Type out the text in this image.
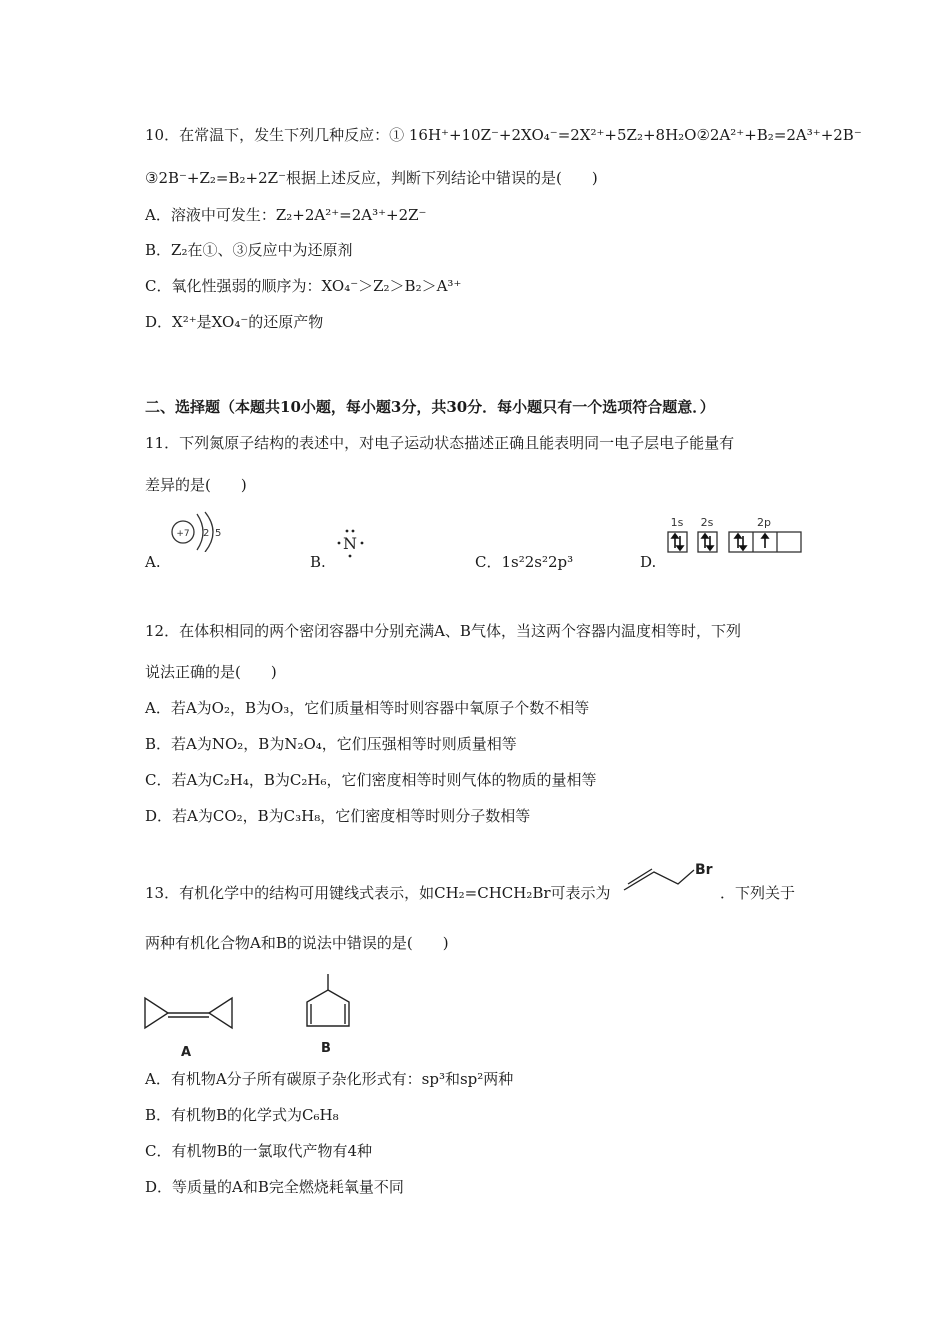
10．在常温下，发生下列几种反应：① 16H⁺+10Z⁻+2XO₄⁻=2X²⁺+5Z₂+8H₂O②2A²⁺+B₂=2A³⁺+2B⁻
③2B⁻+Z₂=B₂+2Z⁻根据上述反应，判断下列结论中错误的是(　　)
A．溶液中可发生：Z₂+2A²⁺=2A³⁺+2Z⁻
B．Z₂在①、③反应中为还原剂
C．氧化性强弱的顺序为：XO₄⁻＞Z₂＞B₂＞A³⁺
D．X²⁺是XO₄⁻的还原产物
二、选择题（本题共10小题，每小题3分，共30分．每小题只有一个选项符合题意．）
11．下列氮原子结构的表述中，对电子运动状态描述正确且能表明同一电子层电子能量有
差异的是(　　)
+7 2 5
N
1s 2s	2p
A.	B.	C．1s²2s²2p³	D.
12．在体积相同的两个密闭容器中分别充满A、B气体，当这两个容器内温度相等时，下列
说法正确的是(　　)
A．若A为O₂，B为O₃，它们质量相等时则容器中氧原子个数不相等
B．若A为NO₂，B为N₂O₄，它们压强相等时则质量相等
C．若A为C₂H₄，B为C₂H₆，它们密度相等时则气体的物质的量相等
D．若A为CO₂，B为C₃H₈，它们密度相等时则分子数相等
13．有机化学中的结构可用键线式表示，如CH₂=CHCH₂Br可表示为
Br
．下列关于
两种有机化合物A和B的说法中错误的是(　　)
A	B
A．有机物A分子所有碳原子杂化形式有：sp³和sp²两种
B．有机物B的化学式为C₆H₈
C．有机物B的一氯取代产物有4种
D．等质量的A和B完全燃烧耗氧量不同
